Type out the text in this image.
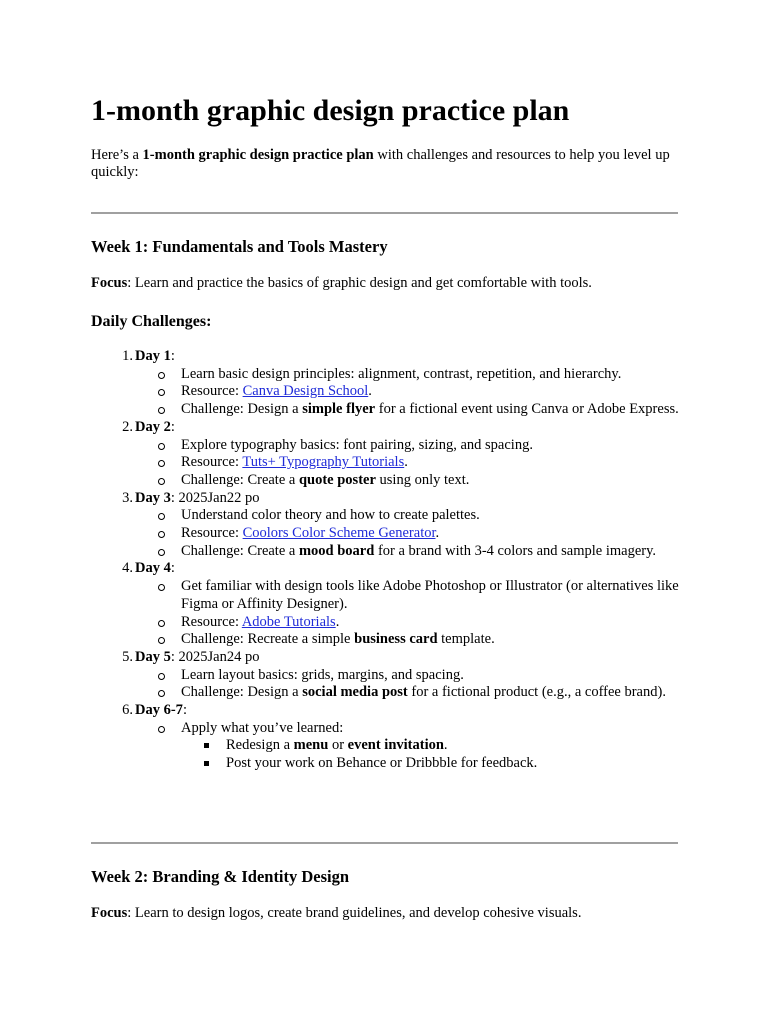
1-month graphic design practice plan

Here’s a 1-month graphic design practice plan with challenges and resources to help you level up quickly:

Week 1: Fundamentals and Tools Mastery

Focus: Learn and practice the basics of graphic design and get comfortable with tools.

Daily Challenges:
1 . Day 1:
Learn basic design principles: alignment, contrast, repetition, and hierarchy.
Resource: Canva Design School.
Challenge: Design a simple flyer for a fictional event using Canva or Adobe Express.
2 . Day 2:
Explore typography basics: font pairing, sizing, and spacing.
Resource: Tuts+ Typography Tutorials.
Challenge: Create a quote poster using only text.
3 . Day 3: 2025Jan22 po
Understand color theory and how to create palettes.
Resource: Coolors Color Scheme Generator.
Challenge: Create a mood board for a brand with 3-4 colors and sample imagery.
4 . Day 4:
Get familiar with design tools like Adobe Photoshop or Illustrator (or alternatives like Figma or Affinity Designer).
Resource: Adobe Tutorials.
Challenge: Recreate a simple business card template.
5 . Day 5: 2025Jan24 po
Learn layout basics: grids, margins, and spacing.
Challenge: Design a social media post for a fictional product (e.g., a coffee brand).
6 . Day 6-7:
Apply what you’ve learned:
Redesign a menu or event invitation.
Post your work on Behance or Dribbble for feedback.
Week 2: Branding & Identity Design

Focus: Learn to design logos, create brand guidelines, and develop cohesive visuals.
